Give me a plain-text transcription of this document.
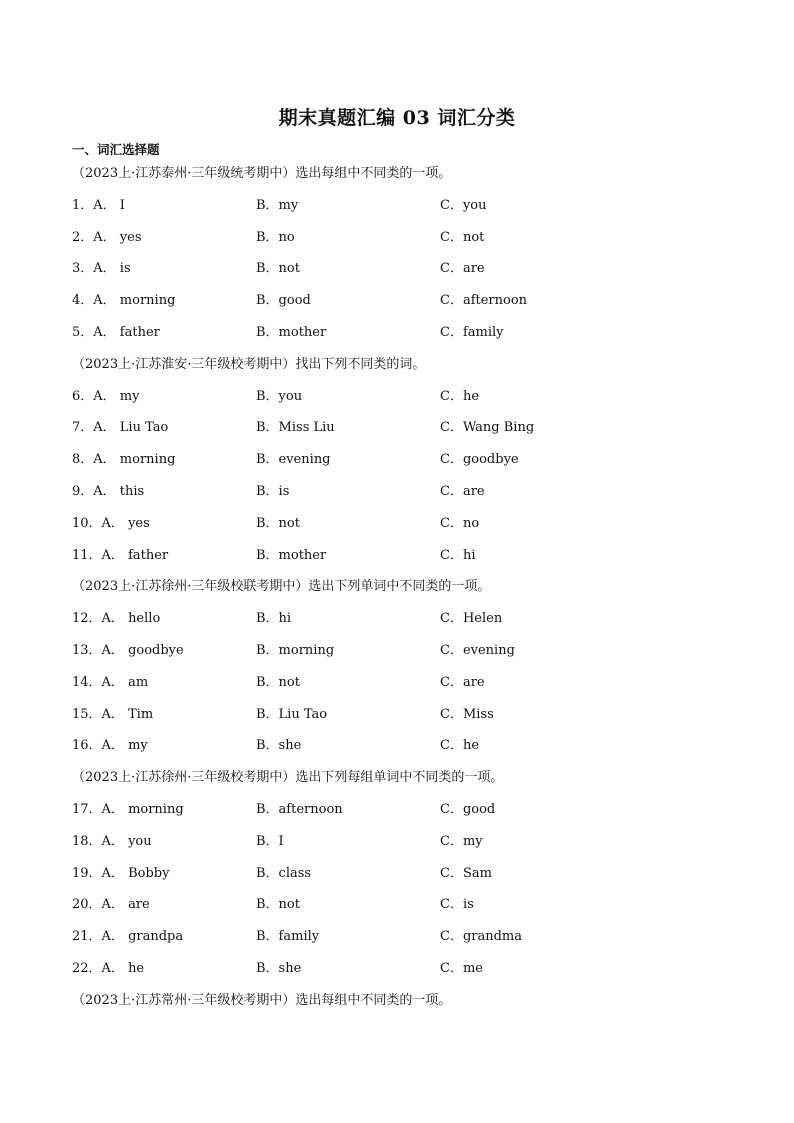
期末真题汇编 03 词汇分类
一、词汇选择题
（2023上·江苏泰州·三年级统考期中）选出每组中不同类的一项。
1．A． I	B．my	C．you
2．A． yes	B．no	C．not
3．A． is	B．not	C．are
4．A． morning	B．good	C．afternoon
5．A． father	B．mother	C．family
（2023上·江苏淮安·三年级校考期中）找出下列不同类的词。
6．A． my	B．you	C．he
7．A． Liu Tao	B．Miss Liu	C．Wang Bing
8．A． morning	B．evening	C．goodbye
9．A． this	B．is	C．are
10．A． yes	B．not	C．no
11．A． father	B．mother	C．hi
（2023上·江苏徐州·三年级校联考期中）选出下列单词中不同类的一项。
12．A． hello	B．hi	C．Helen
13．A． goodbye	B．morning	C．evening
14．A． am	B．not	C．are
15．A． Tim	B．Liu Tao	C．Miss
16．A． my	B．she	C．he
（2023上·江苏徐州·三年级校考期中）选出下列每组单词中不同类的一项。
17．A． morning	B．afternoon	C．good
18．A． you	B．I	C．my
19．A． Bobby	B．class	C．Sam
20．A． are	B．not	C．is
21．A． grandpa	B．family	C．grandma
22．A． he	B．she	C．me
（2023上·江苏常州·三年级校考期中）选出每组中不同类的一项。
